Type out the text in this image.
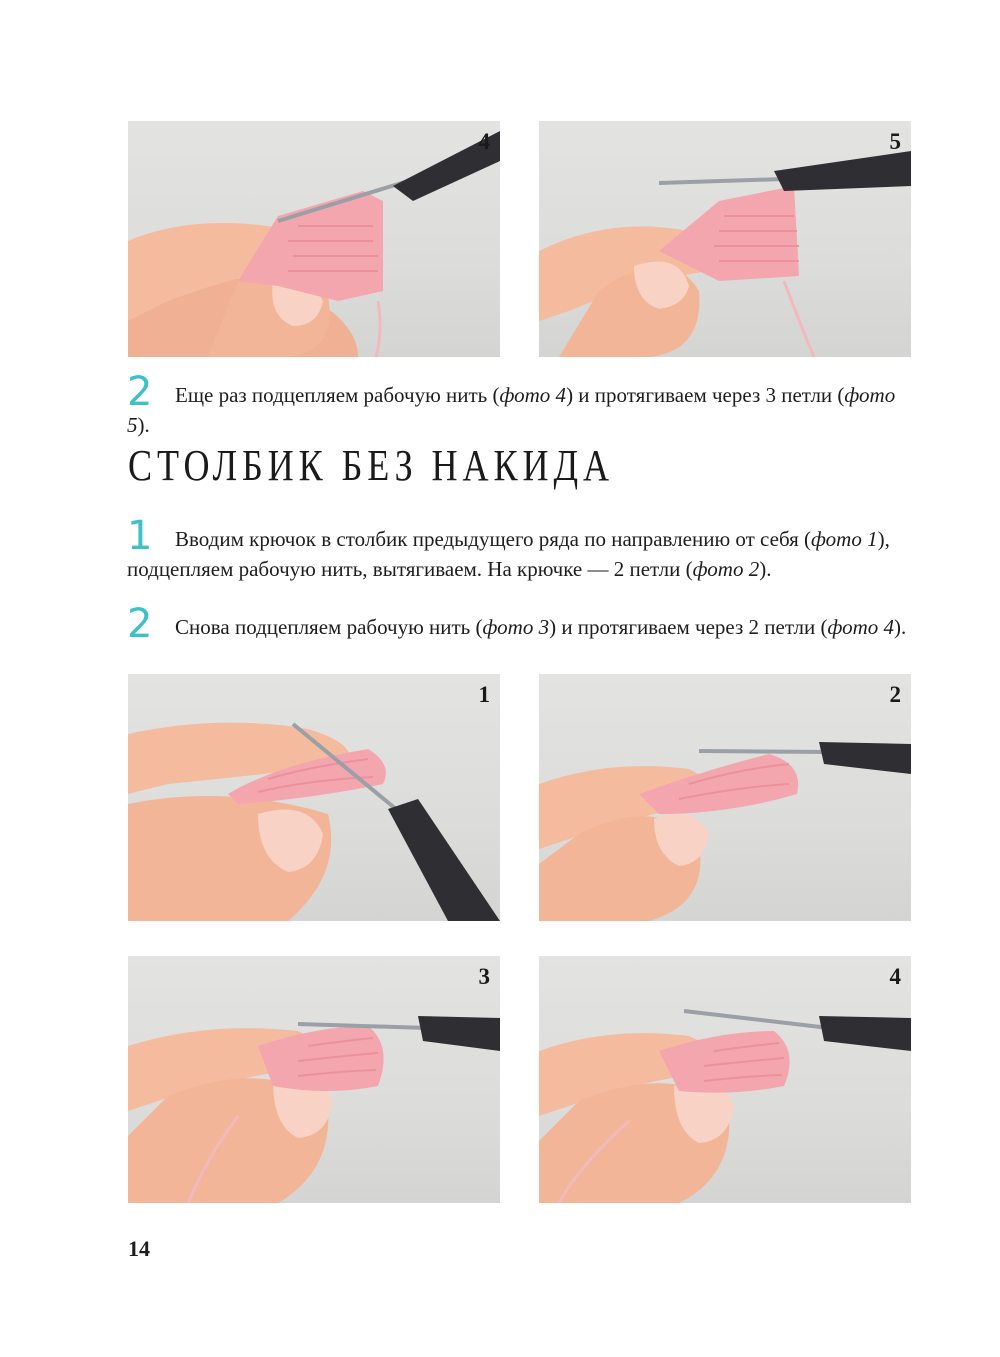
4	5
2	Еще раз подцепляем рабочую нить (фото 4) и протягиваем через 3 петли (фото 5).

СТОЛБИК БЕЗ НАКИДА
1	Вводим крючок в столбик предыдущего ряда по направлению от себя (фото 1), подцепляем рабочую нить, вытягиваем. На крючке — 2 петли (фото 2).

2	Снова подцепляем рабочую нить (фото 3) и протягиваем через 2 петли (фото 4).

1	2
3	4
14
